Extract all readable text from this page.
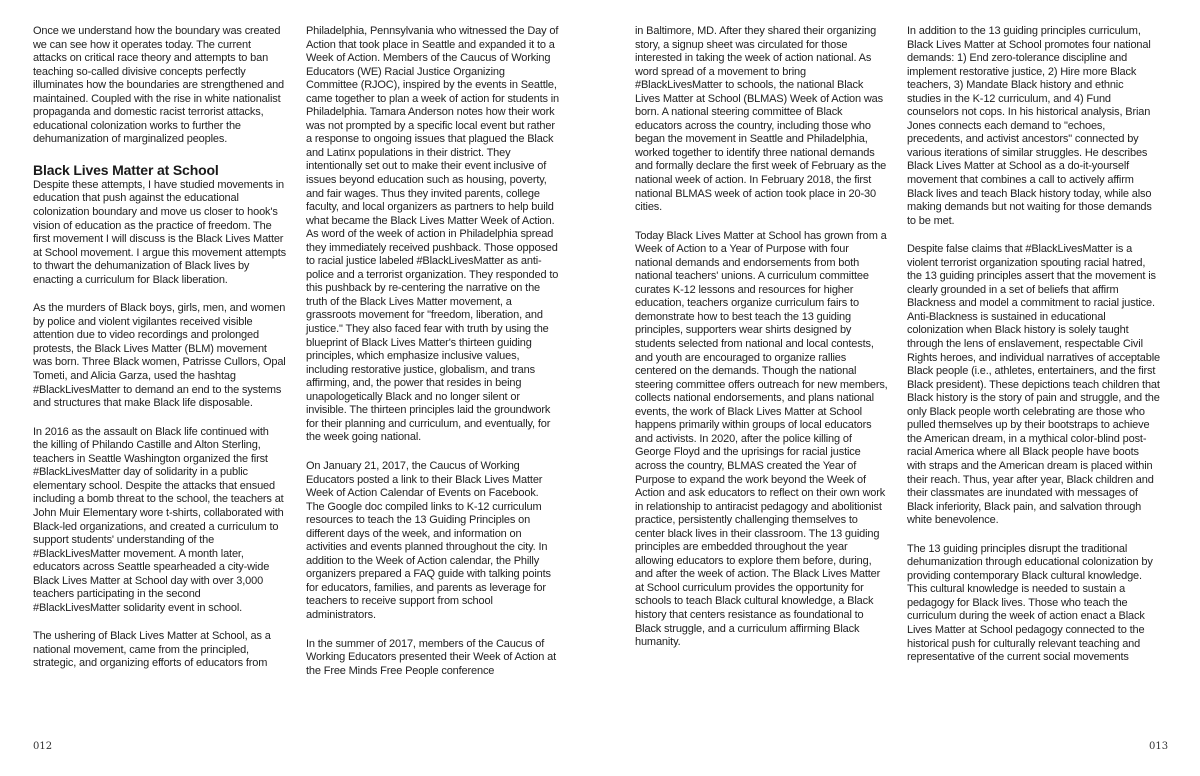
Once we understand how the boundary was created we can see how it operates today. The current attacks on critical race theory and attempts to ban teaching so-called divisive concepts perfectly illuminates how the boundaries are strengthened and maintained. Coupled with the rise in white nationalist propaganda and domestic racist terrorist attacks, educational colonization works to further the dehumanization of marginalized peoples.

Black Lives Matter at School

Despite these attempts, I have studied movements in education that push against the educational colonization boundary and move us closer to hook's vision of education as the practice of freedom. The first movement I will discuss is the Black Lives Matter at School movement. I argue this movement attempts to thwart the dehumanization of Black lives by enacting a curriculum for Black liberation.

As the murders of Black boys, girls, men, and women by police and violent vigilantes received visible attention due to video recordings and prolonged protests, the Black Lives Matter (BLM) movement was born. Three Black women, Patrisse Cullors, Opal Tometi, and Alicia Garza, used the hashtag #BlackLivesMatter to demand an end to the systems and structures that make Black life disposable.

In 2016 as the assault on Black life continued with the killing of Philando Castille and Alton Sterling, teachers in Seattle Washington organized the first #BlackLivesMatter day of solidarity in a public elementary school. Despite the attacks that ensued including a bomb threat to the school, the teachers at John Muir Elementary wore t-shirts, collaborated with Black-led organizations, and created a curriculum to support students' understanding of the #BlackLivesMatter movement. A month later, educators across Seattle spearheaded a city-wide Black Lives Matter at School day with over 3,000 teachers participating in the second #BlackLivesMatter solidarity event in school.

The ushering of Black Lives Matter at School, as a national movement, came from the principled, strategic, and organizing efforts of educators from

Philadelphia, Pennsylvania who witnessed the Day of Action that took place in Seattle and expanded it to a Week of Action. Members of the Caucus of Working Educators (WE) Racial Justice Organizing Committee (RJOC), inspired by the events in Seattle, came together to plan a week of action for students in Philadelphia. Tamara Anderson notes how their work was not prompted by a specific local event but rather a response to ongoing issues that plagued the Black and Latinx populations in their district. They intentionally set out to make their event inclusive of issues beyond education such as housing, poverty, and fair wages. Thus they invited parents, college faculty, and local organizers as partners to help build what became the Black Lives Matter Week of Action. As word of the week of action in Philadelphia spread they immediately received pushback. Those opposed to racial justice labeled #BlackLivesMatter as anti-police and a terrorist organization. They responded to this pushback by re-centering the narrative on the truth of the Black Lives Matter movement, a grassroots movement for "freedom, liberation, and justice." They also faced fear with truth by using the blueprint of Black Lives Matter's thirteen guiding principles, which emphasize inclusive values, including restorative justice, globalism, and trans affirming, and, the power that resides in being unapologetically Black and no longer silent or invisible. The thirteen principles laid the groundwork for their planning and curriculum, and eventually, for the week going national.

On January 21, 2017, the Caucus of Working Educators posted a link to their Black Lives Matter Week of Action Calendar of Events on Facebook. The Google doc compiled links to K-12 curriculum resources to teach the 13 Guiding Principles on different days of the week, and information on activities and events planned throughout the city. In addition to the Week of Action calendar, the Philly organizers prepared a FAQ guide with talking points for educators, families, and parents as leverage for teachers to receive support from school administrators.

In the summer of 2017, members of the Caucus of Working Educators presented their Week of Action at the Free Minds Free People conference

012

in Baltimore, MD. After they shared their organizing story, a signup sheet was circulated for those interested in taking the week of action national. As word spread of a movement to bring #BlackLivesMatter to schools, the national Black Lives Matter at School (BLMAS) Week of Action was born. A national steering committee of Black educators across the country, including those who began the movement in Seattle and Philadelphia, worked together to identify three national demands and formally declare the first week of February as the national week of action. In February 2018, the first national BLMAS week of action took place in 20-30 cities.

Today Black Lives Matter at School has grown from a Week of Action to a Year of Purpose with four national demands and endorsements from both national teachers' unions. A curriculum committee curates K-12 lessons and resources for higher education, teachers organize curriculum fairs to demonstrate how to best teach the 13 guiding principles, supporters wear shirts designed by students selected from national and local contests, and youth are encouraged to organize rallies centered on the demands. Though the national steering committee offers outreach for new members, collects national endorsements, and plans national events, the work of Black Lives Matter at School happens primarily within groups of local educators and activists. In 2020, after the police killing of George Floyd and the uprisings for racial justice across the country, BLMAS created the Year of Purpose to expand the work beyond the Week of Action and ask educators to reflect on their own work in relationship to antiracist pedagogy and abolitionist practice, persistently challenging themselves to center black lives in their classroom. The 13 guiding principles are embedded throughout the year allowing educators to explore them before, during, and after the week of action. The Black Lives Matter at School curriculum provides the opportunity for schools to teach Black cultural knowledge, a Black history that centers resistance as foundational to Black struggle, and a curriculum affirming Black humanity.

In addition to the 13 guiding principles curriculum, Black Lives Matter at School promotes four national demands: 1) End zero-tolerance discipline and implement restorative justice, 2) Hire more Black teachers, 3) Mandate Black history and ethnic studies in the K-12 curriculum, and 4) Fund counselors not cops. In his historical analysis, Brian Jones connects each demand to "echoes, precedents, and activist ancestors" connected by various iterations of similar struggles. He describes Black Lives Matter at School as a do-it-yourself movement that combines a call to actively affirm Black lives and teach Black history today, while also making demands but not waiting for those demands to be met.

Despite false claims that #BlackLivesMatter is a violent terrorist organization spouting racial hatred, the 13 guiding principles assert that the movement is clearly grounded in a set of beliefs that affirm Blackness and model a commitment to racial justice. Anti-Blackness is sustained in educational colonization when Black history is solely taught through the lens of enslavement, respectable Civil Rights heroes, and individual narratives of acceptable Black people (i.e., athletes, entertainers, and the first Black president). These depictions teach children that Black history is the story of pain and struggle, and the only Black people worth celebrating are those who pulled themselves up by their bootstraps to achieve the American dream, in a mythical color-blind post-racial America where all Black people have boots with straps and the American dream is placed within their reach. Thus, year after year, Black children and their classmates are inundated with messages of Black inferiority, Black pain, and salvation through white benevolence.

The 13 guiding principles disrupt the traditional dehumanization through educational colonization by providing contemporary Black cultural knowledge. This cultural knowledge is needed to sustain a pedagogy for Black lives. Those who teach the curriculum during the week of action enact a Black Lives Matter at School pedagogy connected to the historical push for culturally relevant teaching and representative of the current social movements

013
